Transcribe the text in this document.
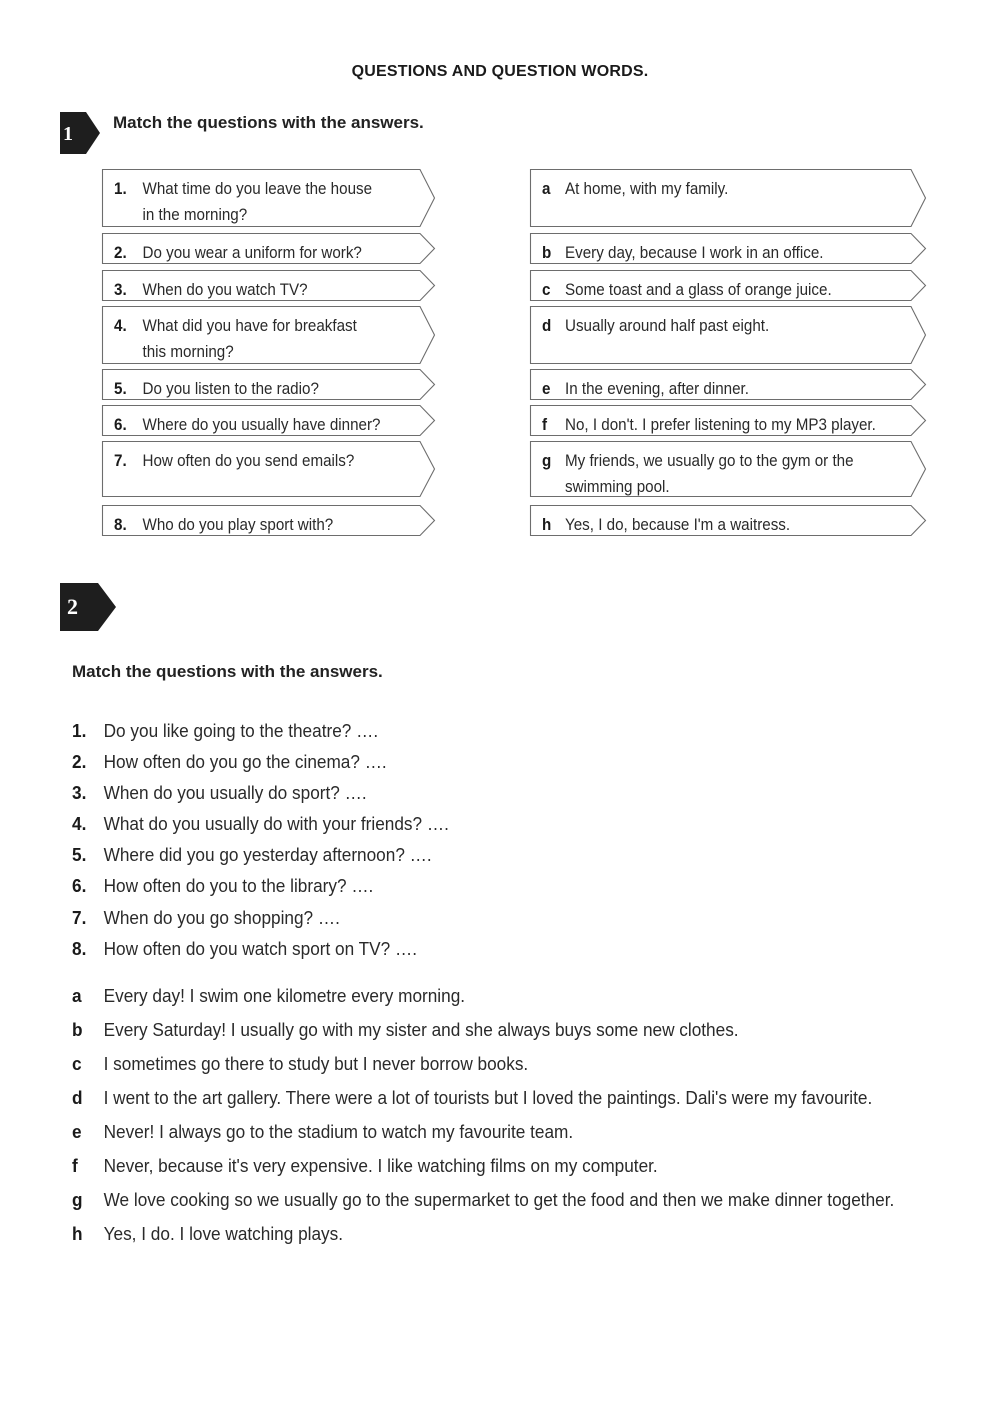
QUESTIONS AND QUESTION WORDS.
1
Match the questions with the answers.
1. What time do you leave the house
in the morning?
2. Do you wear a uniform for work?
3. When do you watch TV?
4. What did you have for breakfast
this morning?
5. Do you listen to the radio?
6. Where do you usually have dinner?
7. How often do you send emails?
8. Who do you play sport with?
a At home, with my family.
b Every day, because I work in an office.
c Some toast and a glass of orange juice.
d Usually around half past eight.
e In the evening, after dinner.
f No, I don't. I prefer listening to my MP3 player.
g My friends, we usually go to the gym or the
swimming pool.
h Yes, I do, because I'm a waitress.
2
Match the questions with the answers.
1. Do you like going to the theatre? ….
2. How often do you go the cinema? ….
3. When do you usually do sport? ….
4. What do you usually do with your friends? ….
5. Where did you go yesterday afternoon? ….
6. How often do you to the library? ….
7. When do you go shopping? ….
8. How often do you watch sport on TV? ….
a Every day! I swim one kilometre every morning.
b Every Saturday! I usually go with my sister and she always buys some new clothes.
c I sometimes go there to study but I never borrow books.
d I went to the art gallery. There were a lot of tourists but I loved the paintings. Dali's were my favourite.
e Never! I always go to the stadium to watch my favourite team.
f Never, because it's very expensive. I like watching films on my computer.
g We love cooking so we usually go to the supermarket to get the food and then we make dinner together.
h Yes, I do. I love watching plays.
